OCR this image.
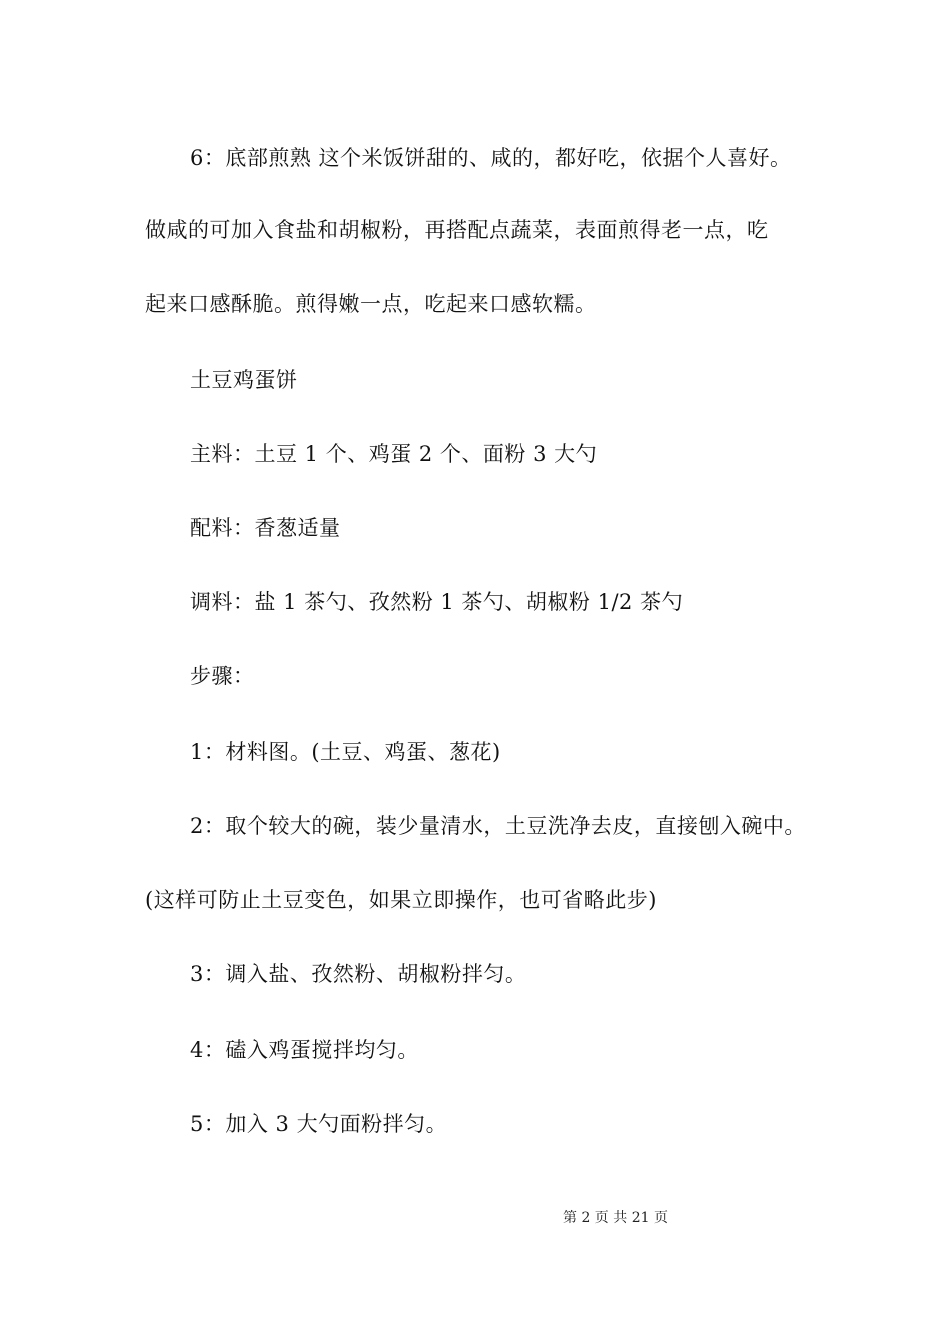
6：底部煎熟 这个米饭饼甜的、咸的，都好吃，依据个人喜好。
做咸的可加入食盐和胡椒粉，再搭配点蔬菜，表面煎得老一点，吃
起来口感酥脆。煎得嫩一点，吃起来口感软糯。
土豆鸡蛋饼
主料：土豆 1 个、鸡蛋 2 个、面粉 3 大勺
配料：香葱适量
调料：盐 1 茶勺、孜然粉 1 茶勺、胡椒粉 1/2 茶勺
步骤：
1：材料图。(土豆、鸡蛋、葱花)
2：取个较大的碗，装少量清水，土豆洗净去皮，直接刨入碗中。
(这样可防止土豆变色，如果立即操作，也可省略此步)
3：调入盐、孜然粉、胡椒粉拌匀。
4：磕入鸡蛋搅拌均匀。
5：加入 3 大勺面粉拌匀。
第 2 页 共 21 页
